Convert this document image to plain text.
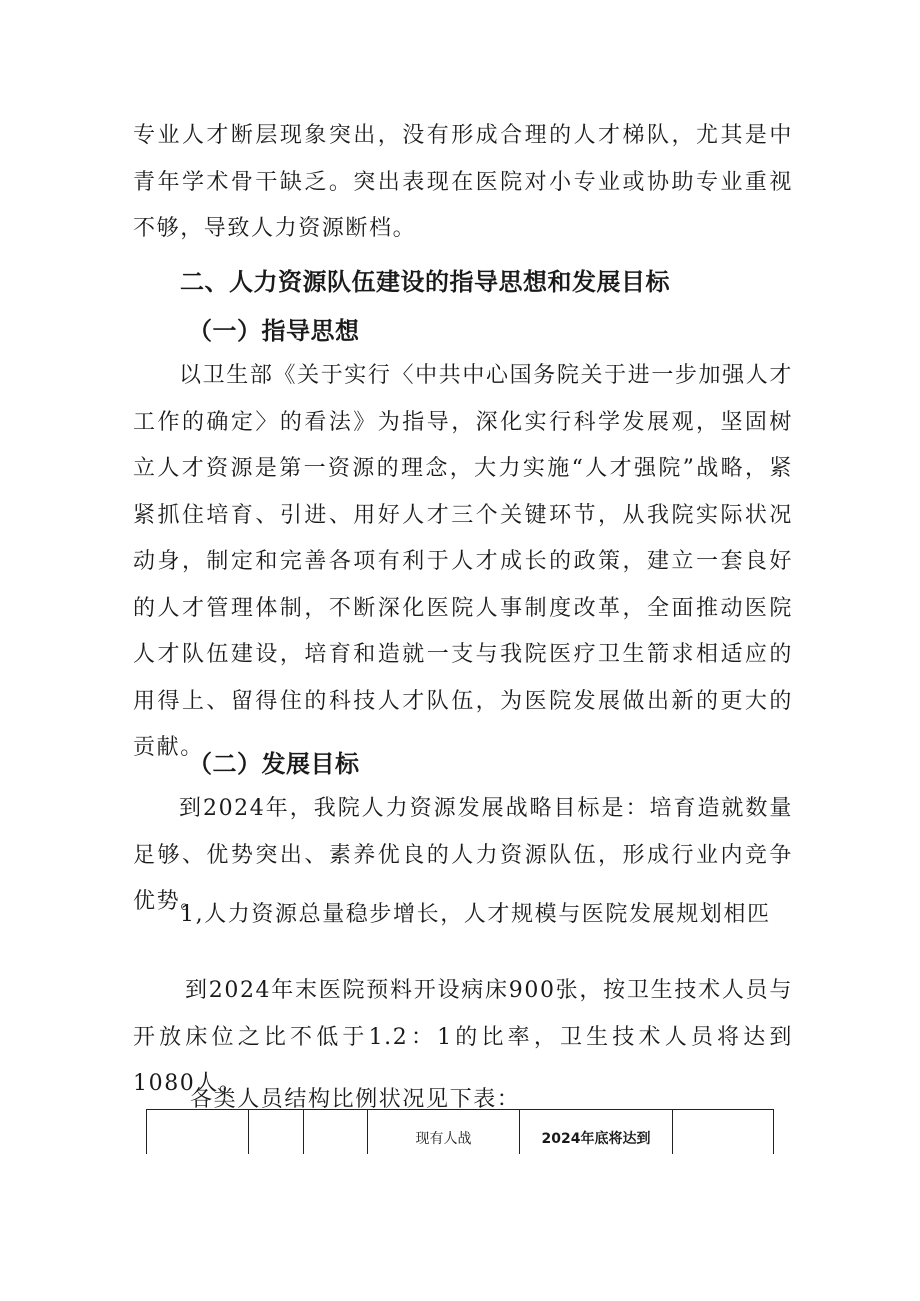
专业人才断层现象突出，没有形成合理的人才梯队，尤其是中青年学术骨干缺乏。突出表现在医院对小专业或协助专业重视不够，导致人力资源断档。

二、人力资源队伍建设的指导思想和发展目标
（一）指导思想

以卫生部《关于实行〈中共中心国务院关于进一步加强人才工作的确定〉的看法》为指导，深化实行科学发展观，坚固树立人才资源是第一资源的理念，大力实施“人才强院”战略，紧紧抓住培育、引进、用好人才三个关键环节，从我院实际状况动身，制定和完善各项有利于人才成长的政策，建立一套良好的人才管理体制，不断深化医院人事制度改革，全面推动医院人才队伍建设，培育和造就一支与我院医疗卫生箭求相适应的用得上、留得住的科技人才队伍，为医院发展做出新的更大的贡献。

（二）发展目标

到2024年，我院人力资源发展战略目标是：培育造就数量足够、优势突出、素养优良的人力资源队伍，形成行业内竞争优势。

1,人力资源总量稳步增长，人才规模与医院发展规划相匹

到2024年末医院预料开设病床900张，按卫生技术人员与开放床位之比不低于1.2：1的比率，卫生技术人员将达到1080人。

各类人员结构比例状况见下表：

			现有人战	2024年底将达到	
